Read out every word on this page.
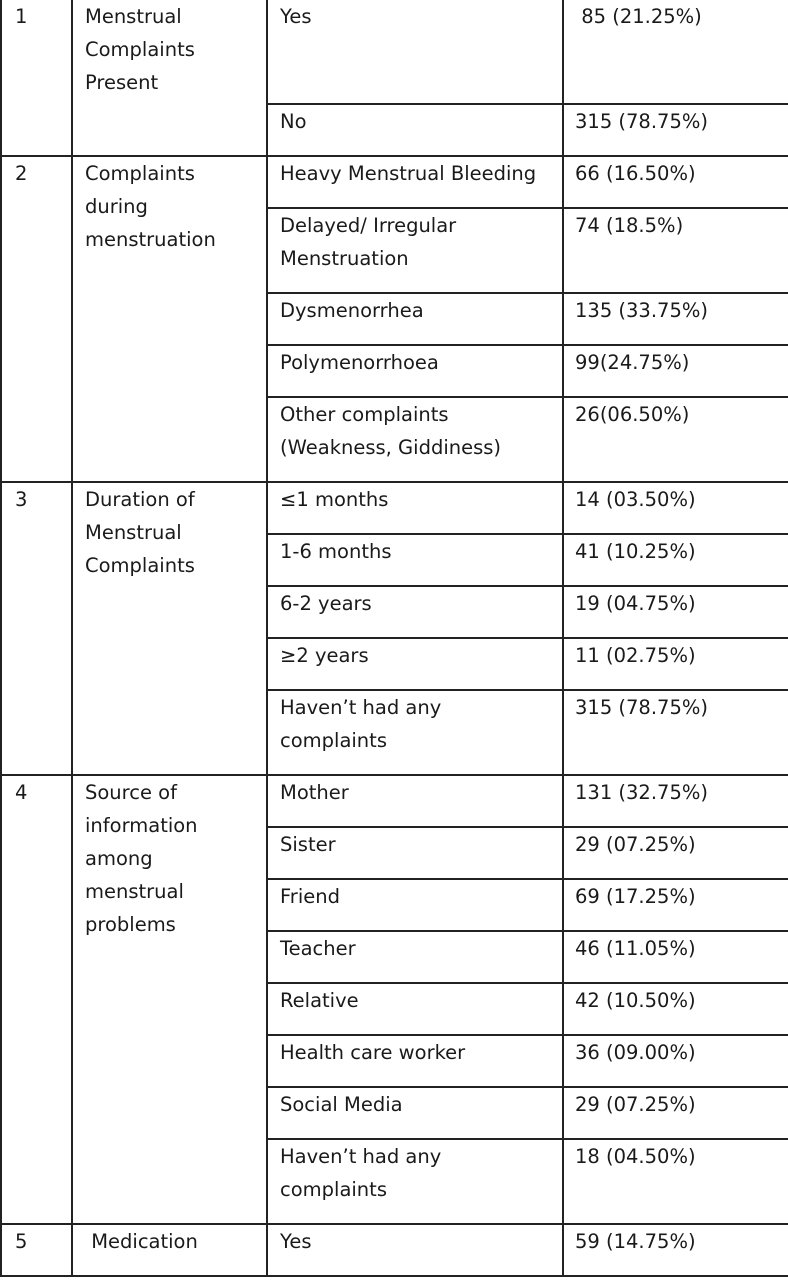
1	Menstrual Complaints Present	Yes	85 (21.25%)
		No	315 (78.75%)
2	Complaints during menstruation	Heavy Menstrual Bleeding	66 (16.50%)
		Delayed/ Irregular Menstruation	74 (18.5%)
		Dysmenorrhea	135 (33.75%)
		Polymenorrhoea	99(24.75%)
		Other complaints (Weakness, Giddiness)	26(06.50%)
3	Duration of Menstrual Complaints	≤1 months	14 (03.50%)
		1-6 months	41 (10.25%)
		6-2 years	19 (04.75%)
		≥2 years	11 (02.75%)
		Haven’t had any complaints	315 (78.75%)
4	Source of information among menstrual problems	Mother	131 (32.75%)
		Sister	29 (07.25%)
		Friend	69 (17.25%)
		Teacher	46 (11.05%)
		Relative	42 (10.50%)
		Health care worker	36 (09.00%)
		Social Media	29 (07.25%)
		Haven’t had any complaints	18 (04.50%)
5	Medication	Yes	59 (14.75%)
